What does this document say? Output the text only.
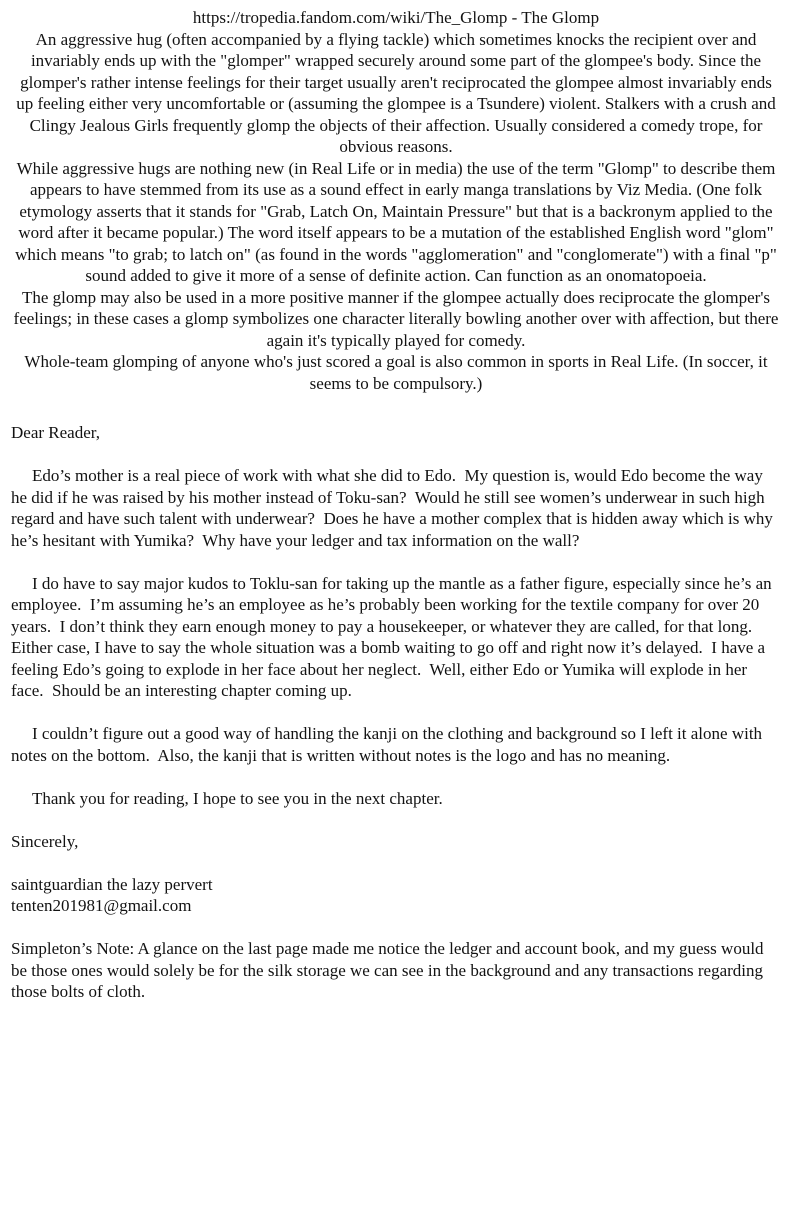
https://tropedia.fandom.com/wiki/The_Glomp - The Glomp

An aggressive hug (often accompanied by a flying tackle) which sometimes knocks the recipient over and invariably ends up with the "glomper" wrapped securely around some part of the glompee's body. Since the glomper's rather intense feelings for their target usually aren't reciprocated the glompee almost invariably ends up feeling either very uncomfortable or (assuming the glompee is a Tsundere) violent. Stalkers with a crush and Clingy Jealous Girls frequently glomp the objects of their affection. Usually considered a comedy trope, for obvious reasons.

While aggressive hugs are nothing new (in Real Life or in media) the use of the term "Glomp" to describe them appears to have stemmed from its use as a sound effect in early manga translations by Viz Media. (One folk etymology asserts that it stands for "Grab, Latch On, Maintain Pressure" but that is a backronym applied to the word after it became popular.) The word itself appears to be a mutation of the established English word "glom" which means "to grab; to latch on" (as found in the words "agglomeration" and "conglomerate") with a final "p" sound added to give it more of a sense of definite action. Can function as an onomatopoeia.

The glomp may also be used in a more positive manner if the glompee actually does reciprocate the glomper's feelings; in these cases a glomp symbolizes one character literally bowling another over with affection, but there again it's typically played for comedy.

Whole-team glomping of anyone who's just scored a goal is also common in sports in Real Life. (In soccer, it seems to be compulsory.)

Dear Reader,

Edo’s mother is a real piece of work with what she did to Edo.  My question is, would Edo become the way he did if he was raised by his mother instead of Toku-san?  Would he still see women’s underwear in such high regard and have such talent with underwear?  Does he have a mother complex that is hidden away which is why he’s hesitant with Yumika?  Why have your ledger and tax information on the wall?

I do have to say major kudos to Toklu-san for taking up the mantle as a father figure, especially since he’s an employee.  I’m assuming he’s an employee as he’s probably been working for the textile company for over 20 years.  I don’t think they earn enough money to pay a housekeeper, or whatever they are called, for that long.  Either case, I have to say the whole situation was a bomb waiting to go off and right now it’s delayed.  I have a feeling Edo’s going to explode in her face about her neglect.  Well, either Edo or Yumika will explode in her face.  Should be an interesting chapter coming up.

I couldn’t figure out a good way of handling the kanji on the clothing and background so I left it alone with notes on the bottom.  Also, the kanji that is written without notes is the logo and has no meaning.

Thank you for reading, I hope to see you in the next chapter.

Sincerely,

saintguardian the lazy pervert

tenten201981@gmail.com

Simpleton’s Note: A glance on the last page made me notice the ledger and account book, and my guess would be those ones would solely be for the silk storage we can see in the background and any transactions regarding those bolts of cloth.
